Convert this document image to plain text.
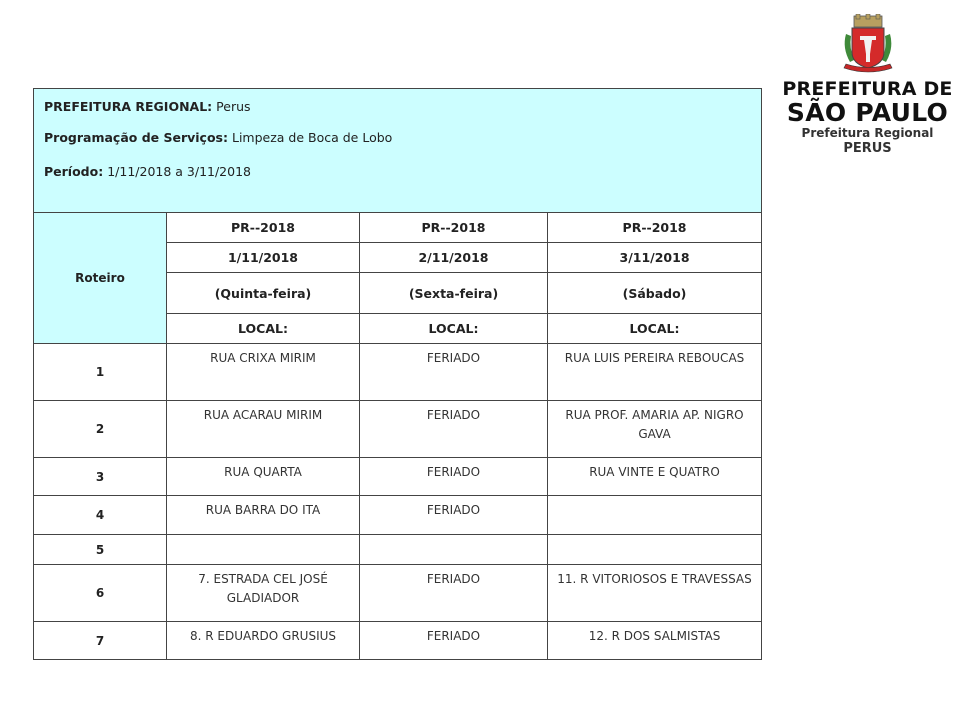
PREFEITURA DE
SÃO PAULO
Prefeitura Regional
PERUS

PREFEITURA REGIONAL: Perus

Programação de Serviços: Limpeza de Boca de Lobo

Período: 1/11/2018 a 3/11/2018			

Roteiro	PR--2018	PR--2018	PR--2018
	1/11/2018	2/11/2018	3/11/2018
	(Quinta-feira)	(Sexta-feira)	(Sábado)
	LOCAL:	LOCAL:	LOCAL:
1	RUA CRIXA MIRIM	FERIADO	RUA LUIS PEREIRA REBOUCAS
2	RUA ACARAU MIRIM	FERIADO	RUA PROF. AMARIA AP. NIGRO GAVA
3	RUA QUARTA	FERIADO	RUA VINTE E QUATRO
4	RUA BARRA DO ITA	FERIADO	
5			
6	7. ESTRADA CEL JOSÉ GLADIADOR	FERIADO	11. R VITORIOSOS E TRAVESSAS
7	8. R EDUARDO GRUSIUS	FERIADO	12. R DOS SALMISTAS
